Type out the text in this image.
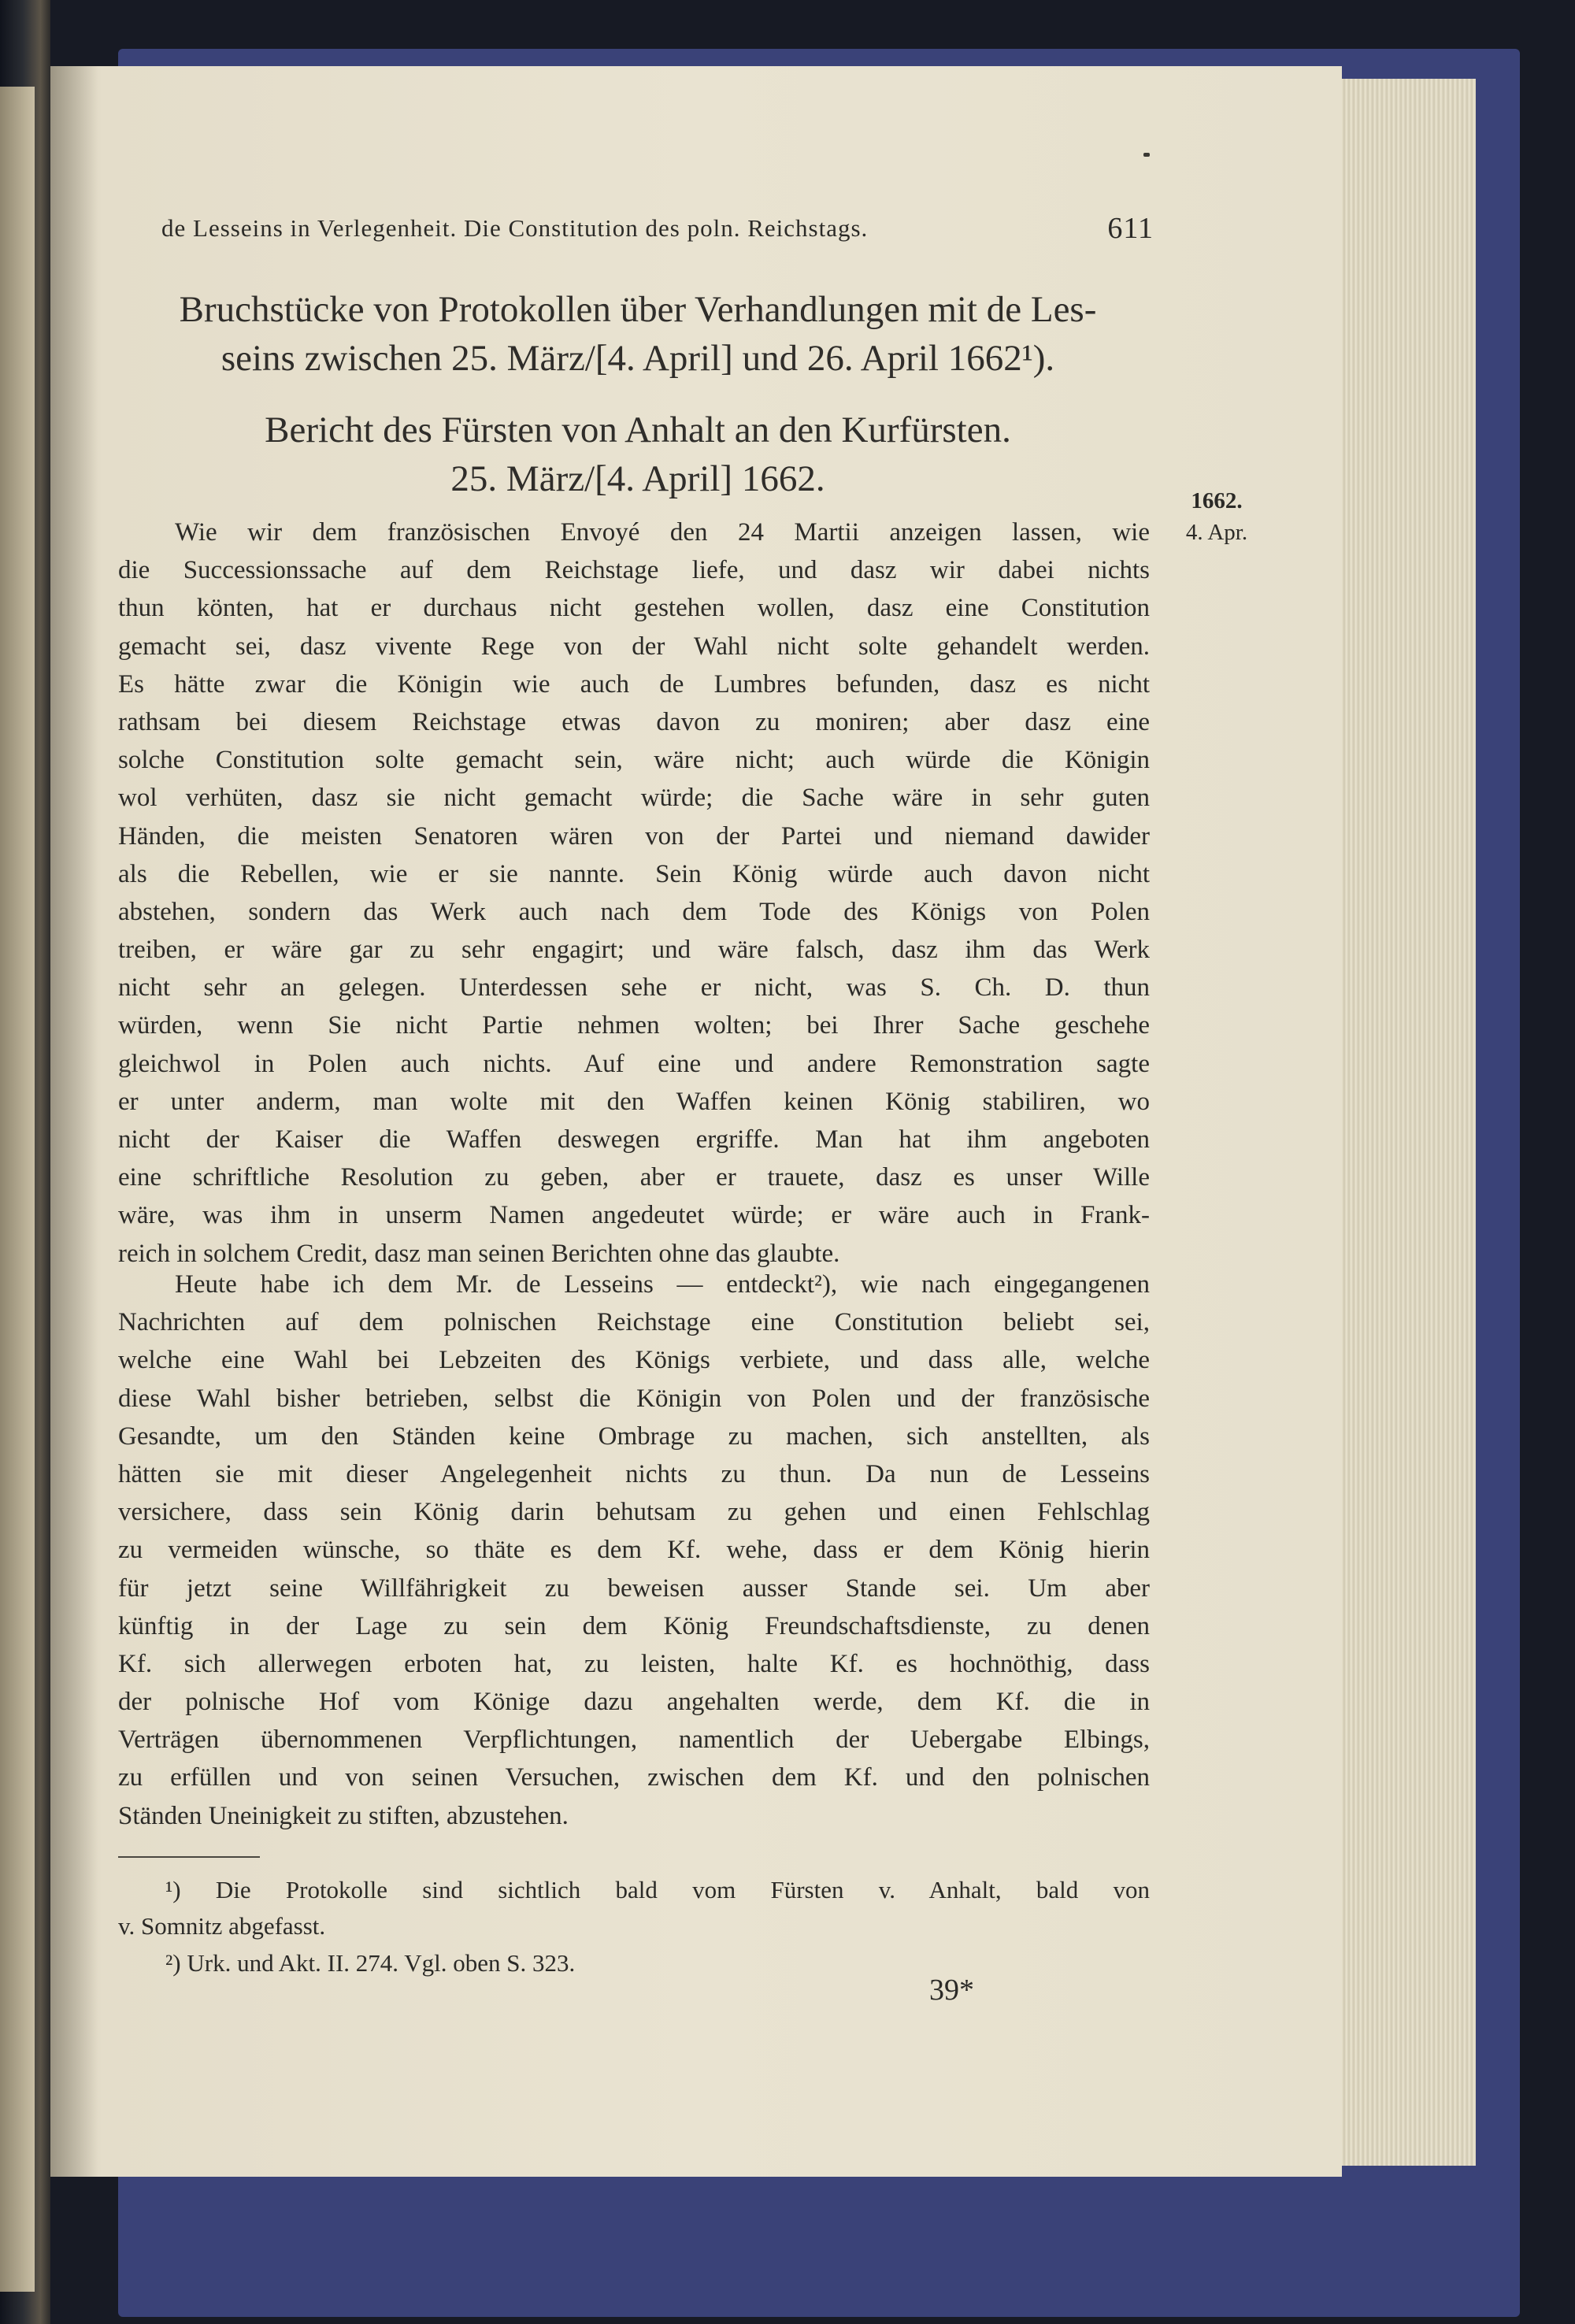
de Lesseins in Verlegenheit. Die Constitution des poln. Reichstags.	611
Bruchstücke von Protokollen über Verhandlungen mit de Les-
seins zwischen 25. März/[4. April] und 26. April 1662¹).
Bericht des Fürsten von Anhalt an den Kurfürsten.
25. März/[4. April] 1662.
1662.
4. Apr.
Wie wir dem französischen Envoyé den 24 Martii anzeigen lassen, wie
die Successionssache auf dem Reichstage liefe, und dasz wir dabei nichts
thun könten, hat er durchaus nicht gestehen wollen, dasz eine Constitution
gemacht sei, dasz vivente Rege von der Wahl nicht solte gehandelt werden.
Es hätte zwar die Königin wie auch de Lumbres befunden, dasz es nicht
rathsam bei diesem Reichstage etwas davon zu moniren; aber dasz eine
solche Constitution solte gemacht sein, wäre nicht; auch würde die Königin
wol verhüten, dasz sie nicht gemacht würde; die Sache wäre in sehr guten
Händen, die meisten Senatoren wären von der Partei und niemand dawider
als die Rebellen, wie er sie nannte. Sein König würde auch davon nicht
abstehen, sondern das Werk auch nach dem Tode des Königs von Polen
treiben, er wäre gar zu sehr engagirt; und wäre falsch, dasz ihm das Werk
nicht sehr an gelegen. Unterdessen sehe er nicht, was S. Ch. D. thun
würden, wenn Sie nicht Partie nehmen wolten; bei Ihrer Sache geschehe
gleichwol in Polen auch nichts. Auf eine und andere Remonstration sagte
er unter anderm, man wolte mit den Waffen keinen König stabiliren, wo
nicht der Kaiser die Waffen deswegen ergriffe. Man hat ihm angeboten
eine schriftliche Resolution zu geben, aber er trauete, dasz es unser Wille
wäre, was ihm in unserm Namen angedeutet würde; er wäre auch in Frank-
reich in solchem Credit, dasz man seinen Berichten ohne das glaubte.
Heute habe ich dem Mr. de Lesseins — entdeckt²), wie nach eingegangenen
Nachrichten auf dem polnischen Reichstage eine Constitution beliebt sei,
welche eine Wahl bei Lebzeiten des Königs verbiete, und dass alle, welche
diese Wahl bisher betrieben, selbst die Königin von Polen und der französische
Gesandte, um den Ständen keine Ombrage zu machen, sich anstellten, als
hätten sie mit dieser Angelegenheit nichts zu thun. Da nun de Lesseins
versichere, dass sein König darin behutsam zu gehen und einen Fehlschlag
zu vermeiden wünsche, so thäte es dem Kf. wehe, dass er dem König hierin
für jetzt seine Willfährigkeit zu beweisen ausser Stande sei. Um aber
künftig in der Lage zu sein dem König Freundschaftsdienste, zu denen
Kf. sich allerwegen erboten hat, zu leisten, halte Kf. es hochnöthig, dass
der polnische Hof vom Könige dazu angehalten werde, dem Kf. die in
Verträgen übernommenen Verpflichtungen, namentlich der Uebergabe Elbings,
zu erfüllen und von seinen Versuchen, zwischen dem Kf. und den polnischen
Ständen Uneinigkeit zu stiften, abzustehen.
¹) Die Protokolle sind sichtlich bald vom Fürsten v. Anhalt, bald von
v. Somnitz abgefasst.
²) Urk. und Akt. II. 274. Vgl. oben S. 323.
39*
